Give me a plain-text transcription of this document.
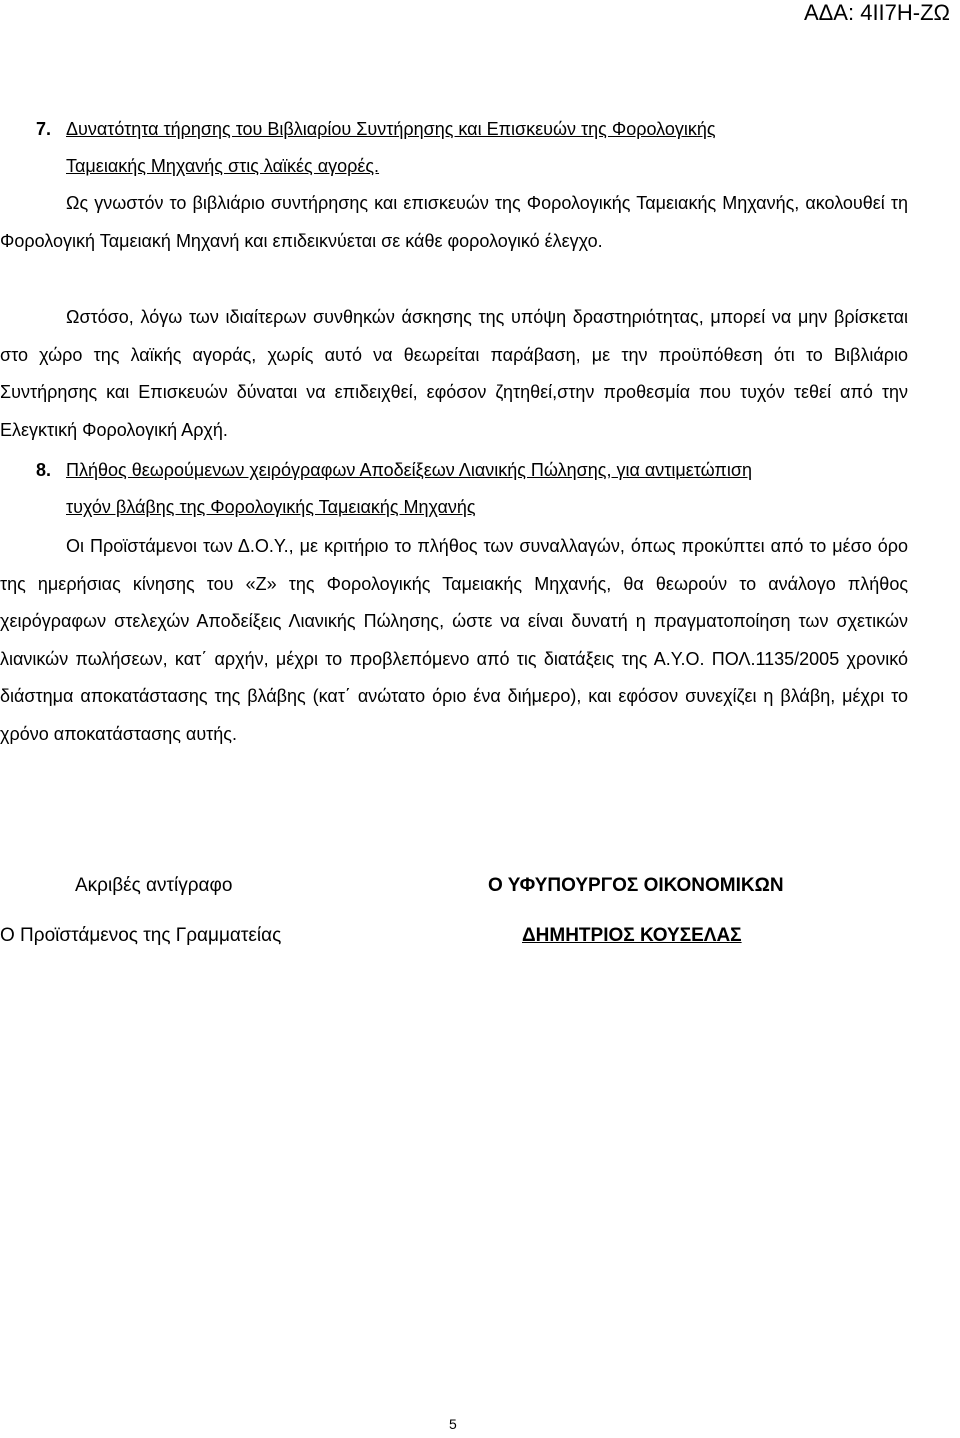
ΑΔΑ: 4ΙΙ7Η-ΖΩ
7. Δυνατότητα τήρησης του Βιβλιαρίου Συντήρησης και Επισκευών της Φορολογικής
Ταμειακής Μηχανής στις λαϊκές αγορές.
Ως γνωστόν το βιβλιάριο συντήρησης και επισκευών της Φορολογικής Ταμειακής Μηχανής, ακολουθεί τη Φορολογική Ταμειακή Μηχανή και επιδεικνύεται σε κάθε φορολογικό έλεγχο.
Ωστόσο, λόγω των ιδιαίτερων συνθηκών άσκησης της υπόψη δραστηριότητας, μπορεί να μην βρίσκεται στο χώρο της λαϊκής αγοράς, χωρίς αυτό να θεωρείται παράβαση, με την προϋπόθεση ότι το Βιβλιάριο Συντήρησης και Επισκευών δύναται να επιδειχθεί, εφόσον ζητηθεί,στην προθεσμία που τυχόν τεθεί από την Ελεγκτική Φορολογική Αρχή.
8. Πλήθος θεωρούμενων χειρόγραφων Αποδείξεων Λιανικής Πώλησης, για αντιμετώπιση
τυχόν βλάβης της Φορολογικής Ταμειακής Μηχανής
Οι Προϊστάμενοι των Δ.Ο.Υ., με κριτήριο το πλήθος των συναλλαγών, όπως προκύπτει από το μέσο όρο της ημερήσιας κίνησης του «Ζ» της Φορολογικής Ταμειακής Μηχανής, θα θεωρούν το ανάλογο πλήθος χειρόγραφων στελεχών Αποδείξεις Λιανικής Πώλησης, ώστε να είναι δυνατή η πραγματοποίηση των σχετικών λιανικών πωλήσεων, κατ΄ αρχήν, μέχρι το προβλεπόμενο από τις διατάξεις της Α.Υ.Ο. ΠΟΛ.1135/2005 χρονικό διάστημα αποκατάστασης της βλάβης (κατ΄ ανώτατο όριο ένα διήμερο), και εφόσον συνεχίζει η βλάβη, μέχρι το χρόνο αποκατάστασης αυτής.
Ακριβές αντίγραφο
Ο Προϊστάμενος της Γραμματείας
Ο ΥΦΥΠΟΥΡΓΟΣ ΟΙΚΟΝΟΜΙΚΩΝ
ΔΗΜΗΤΡΙΟΣ ΚΟΥΣΕΛΑΣ
5
